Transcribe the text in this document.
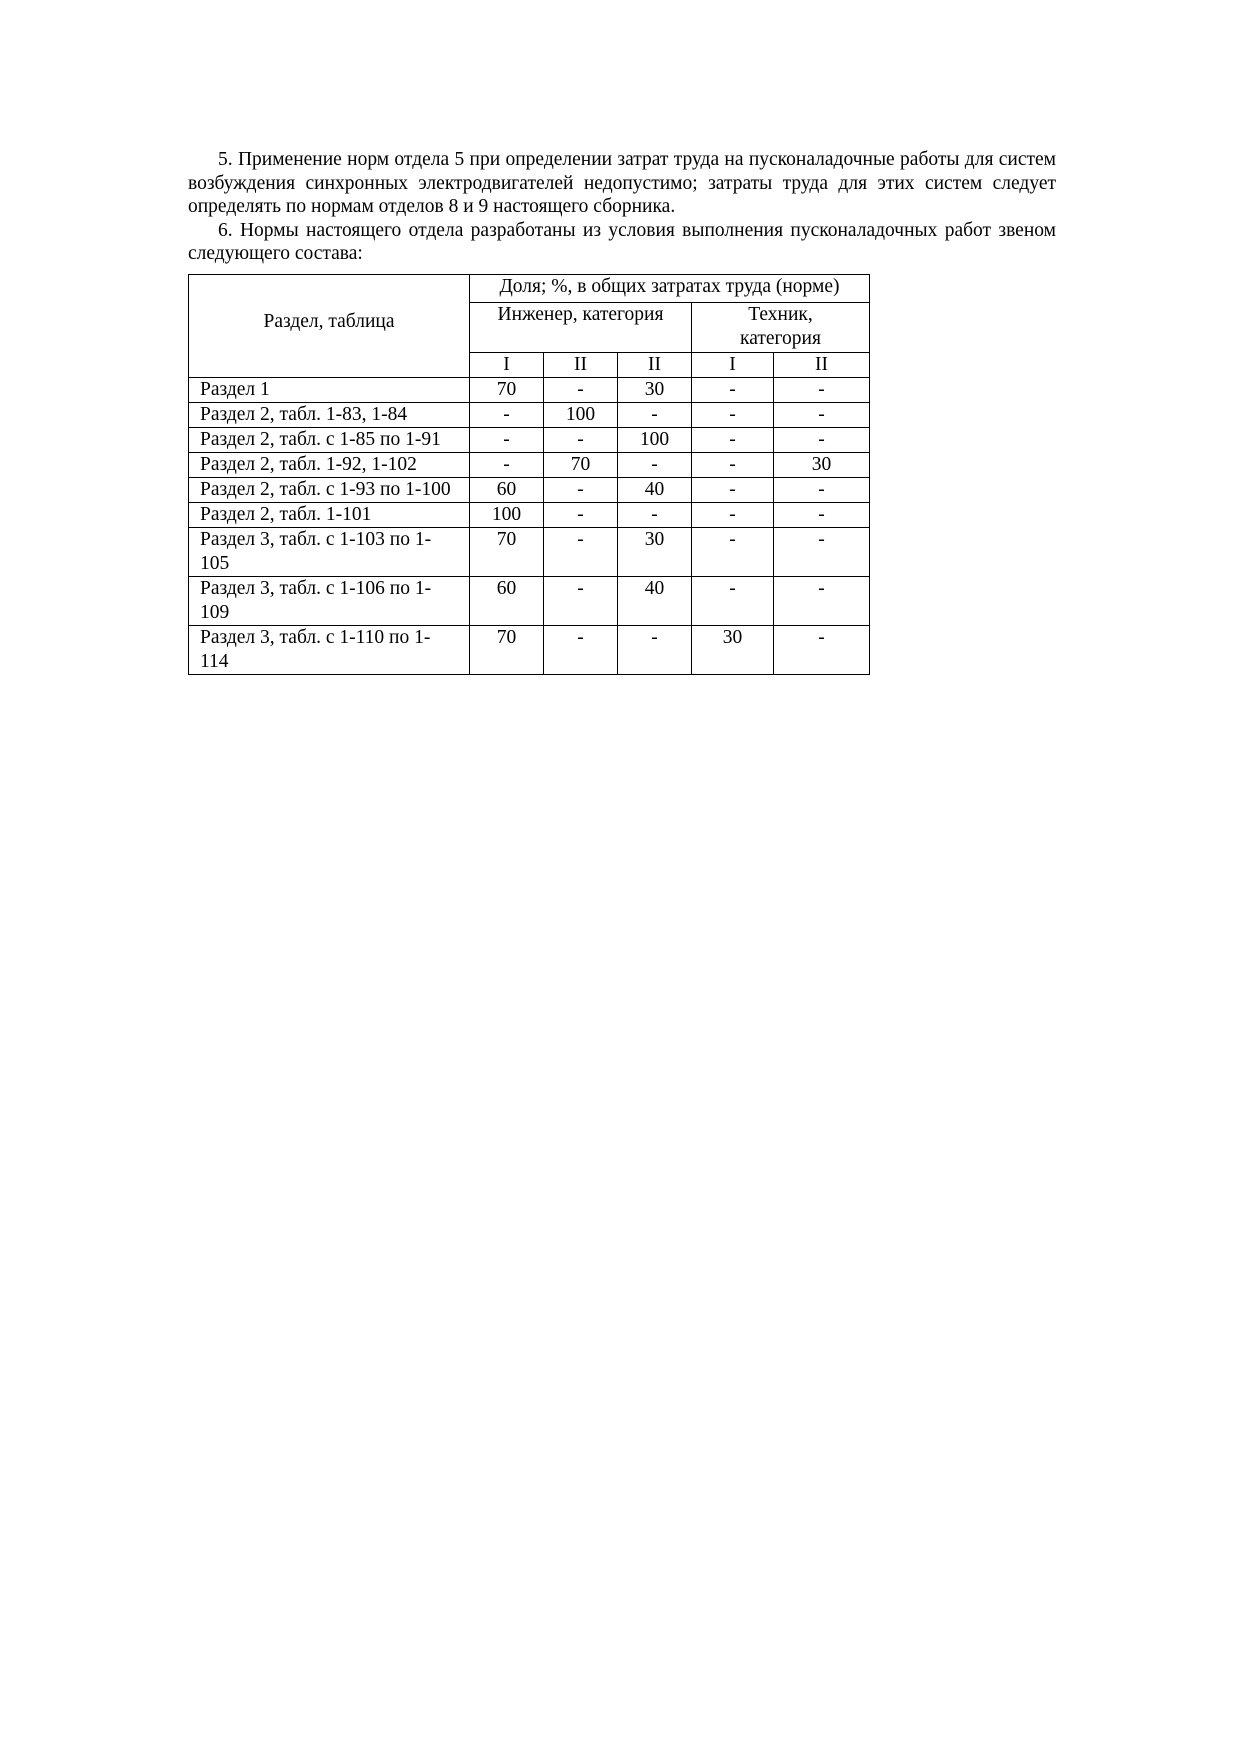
5. Применение норм отдела 5 при определении затрат труда на пусконаладочные работы для систем возбуждения синхронных электродвигателей недопустимо; затраты труда для этих систем следует определять по нормам отделов 8 и 9 настоящего сборника.

6. Нормы настоящего отдела разработаны из условия выполнения пусконаладочных работ звеном следующего состава:

Раздел, таблица	Доля; %, в общих затратах труда (норме)				
	Инженер, категория			Техник, категория	
	I	II	II	I	II
Раздел 1	70	-	30	-	-
Раздел 2, табл. 1-83, 1-84	-	100	-	-	-
Раздел 2, табл. с 1-85 по 1-91	-	-	100	-	-
Раздел 2, табл. 1-92, 1-102	-	70	-	-	30
Раздел 2, табл. с 1-93 по 1-100	60	-	40	-	-
Раздел 2, табл. 1-101	100	-	-	-	-
Раздел 3, табл. с 1-103 по 1-105	70	-	30	-	-
Раздел 3, табл. с 1-106 по 1-109	60	-	40	-	-
Раздел 3, табл. с 1-110 по 1-114	70	-	-	30	-
